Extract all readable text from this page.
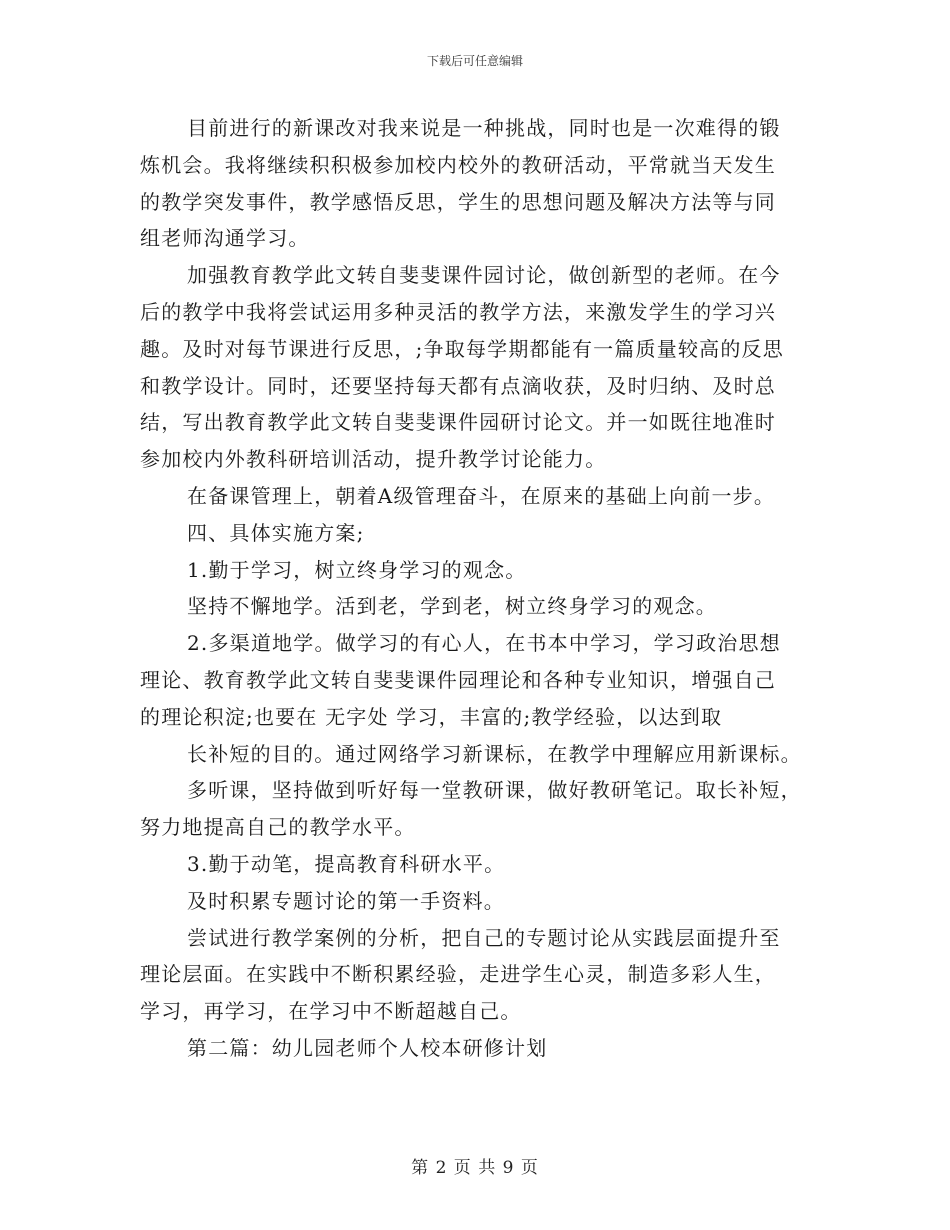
下载后可任意编辑
目前进行的新课改对我来说是一种挑战，同时也是一次难得的锻
炼机会。我将继续积积极参加校内校外的教研活动，平常就当天发生
的教学突发事件，教学感悟反思，学生的思想问题及解决方法等与同
组老师沟通学习。
加强教育教学此文转自斐斐课件园讨论，做创新型的老师。在今
后的教学中我将尝试运用多种灵活的教学方法，来激发学生的学习兴
趣。及时对每节课进行反思，;争取每学期都能有一篇质量较高的反思
和教学设计。同时，还要坚持每天都有点滴收获，及时归纳、及时总
结，写出教育教学此文转自斐斐课件园研讨论文。并一如既往地准时
参加校内外教科研培训活动，提升教学讨论能力。
在备课管理上，朝着A级管理奋斗，在原来的基础上向前一步。
四、具体实施方案;
1.勤于学习，树立终身学习的观念。
坚持不懈地学。活到老，学到老，树立终身学习的观念。
2.多渠道地学。做学习的有心人，在书本中学习，学习政治思想
理论、教育教学此文转自斐斐课件园理论和各种专业知识，增强自己
的理论积淀;也要在 无字处 学习，丰富的;教学经验，以达到取
长补短的目的。通过网络学习新课标，在教学中理解应用新课标。
多听课，坚持做到听好每一堂教研课，做好教研笔记。取长补短，
努力地提高自己的教学水平。
3.勤于动笔，提高教育科研水平。
及时积累专题讨论的第一手资料。
尝试进行教学案例的分析，把自己的专题讨论从实践层面提升至
理论层面。在实践中不断积累经验，走进学生心灵，制造多彩人生，
学习，再学习，在学习中不断超越自己。
第二篇：幼儿园老师个人校本研修计划
第 2 页 共 9 页
